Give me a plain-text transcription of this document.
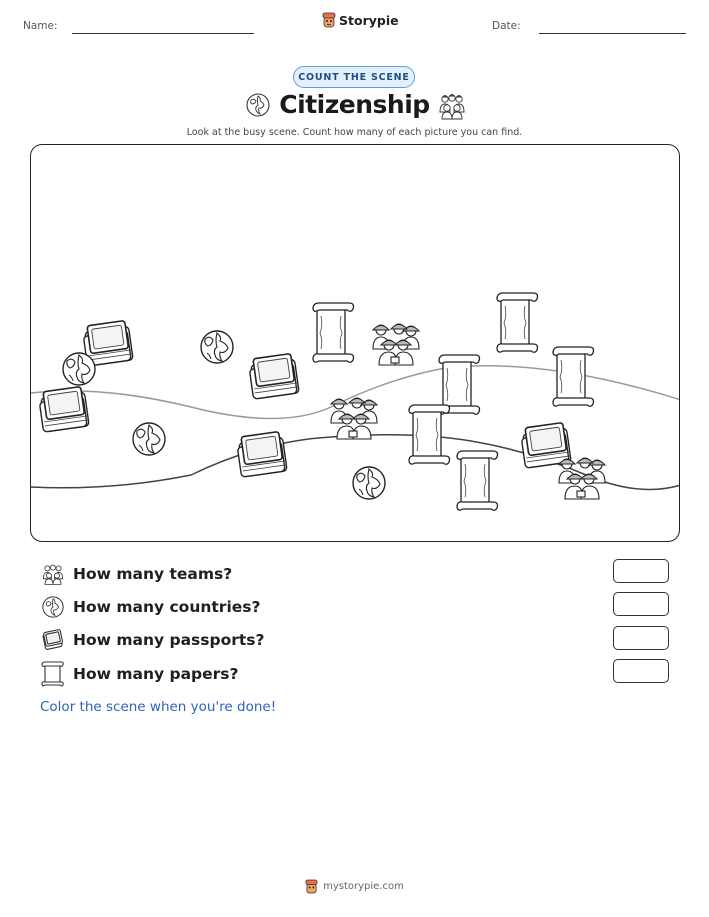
Name:	Storypie	Date:
COUNT THE SCENE
Citizenship
Look at the busy scene. Count how many of each picture you can find.
How many teams?
How many countries?
How many passports?
How many papers?
Color the scene when you're done!
mystorypie.com
